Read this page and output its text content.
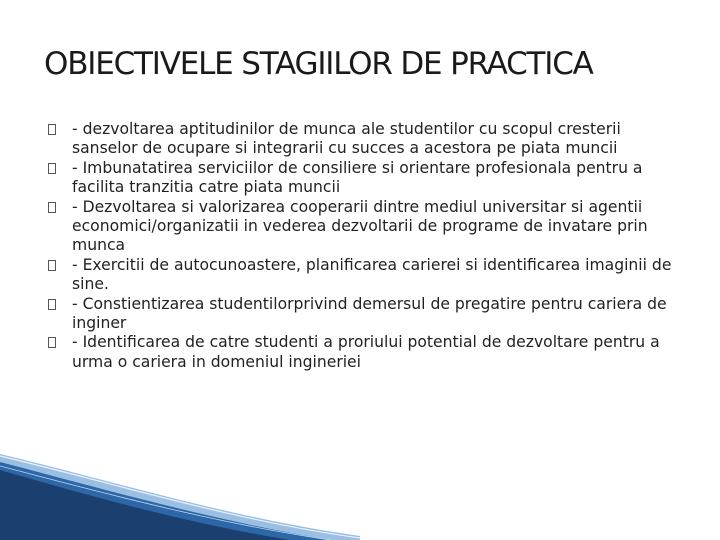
OBIECTIVELE STAGIILOR DE PRACTICA
- dezvoltarea aptitudinilor de munca ale studentilor cu scopul cresterii sanselor de ocupare si integrarii cu succes a acestora pe piata muncii
- Imbunatatirea serviciilor de consiliere si orientare profesionala pentru a facilita tranzitia catre piata muncii
- Dezvoltarea si valorizarea cooperarii dintre mediul universitar si agentii economici/organizatii in vederea dezvoltarii de programe de invatare prin munca
- Exercitii de autocunoastere, planificarea carierei si identificarea imaginii de sine.
- Constientizarea studentilorprivind demersul de pregatire pentru cariera de inginer
- Identificarea de catre studenti a proriului potential de dezvoltare pentru a urma o cariera in domeniul ingineriei
